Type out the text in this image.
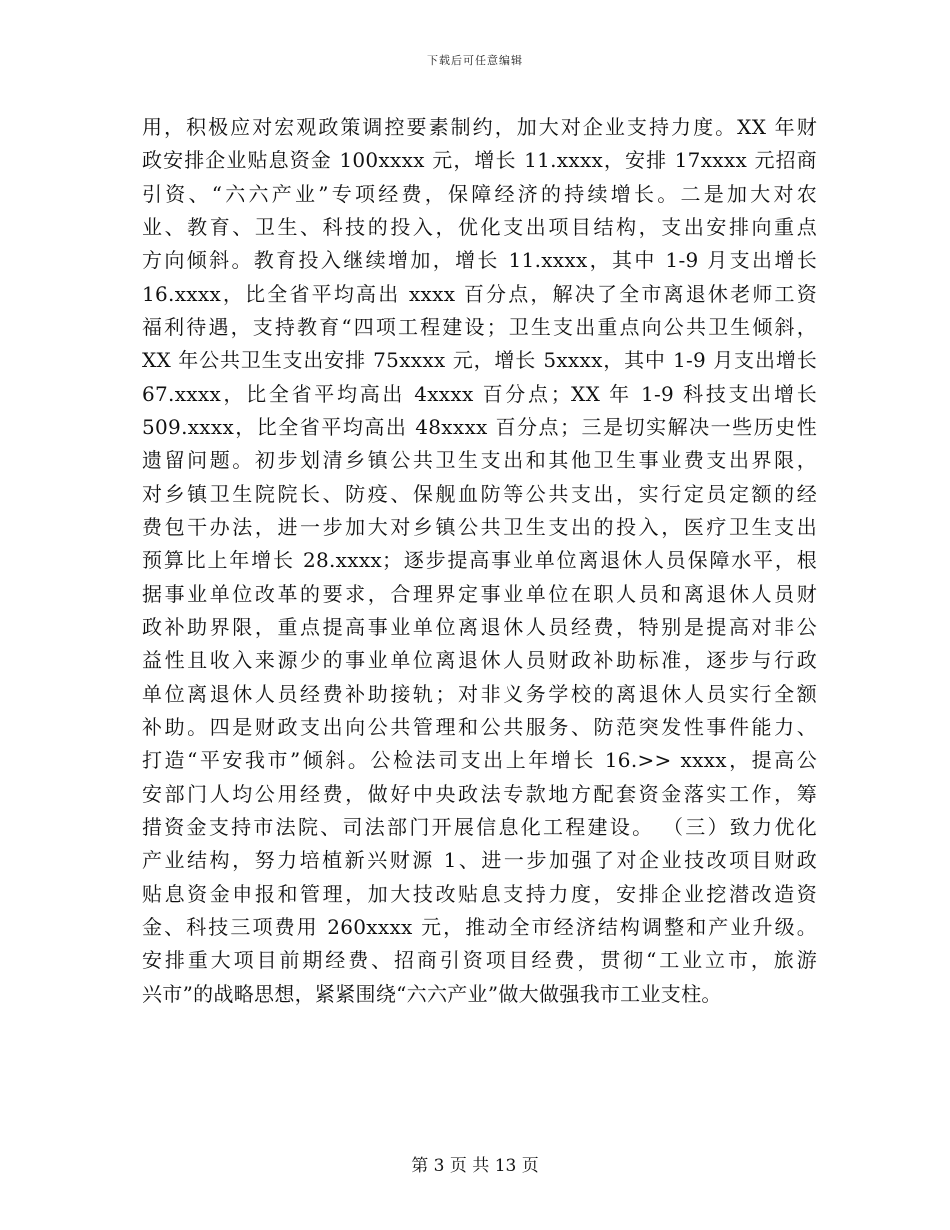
下载后可任意编辑
用，积极应对宏观政策调控要素制约，加大对企业支持力度。XX 年财
政安排企业贴息资金 100xxxx 元，增长 11.xxxx，安排 17xxxx 元招商
引资、“六六产业”专项经费，保障经济的持续增长。二是加大对农
业、教育、卫生、科技的投入，优化支出项目结构，支出安排向重点
方向倾斜。教育投入继续增加，增长 11.xxxx，其中 1-9 月支出增长
16.xxxx，比全省平均高出 xxxx 百分点，解决了全市离退休老师工资
福利待遇，支持教育“四项工程建设；卫生支出重点向公共卫生倾斜，
XX 年公共卫生支出安排 75xxxx 元，增长 5xxxx，其中 1-9 月支出增长
67.xxxx，比全省平均高出 4xxxx 百分点；XX 年 1-9 科技支出增长
509.xxxx，比全省平均高出 48xxxx 百分点；三是切实解决一些历史性
遗留问题。初步划清乡镇公共卫生支出和其他卫生事业费支出界限，
对乡镇卫生院院长、防疫、保舰血防等公共支出，实行定员定额的经
费包干办法，进一步加大对乡镇公共卫生支出的投入，医疗卫生支出
预算比上年增长 28.xxxx；逐步提高事业单位离退休人员保障水平，根
据事业单位改革的要求，合理界定事业单位在职人员和离退休人员财
政补助界限，重点提高事业单位离退休人员经费，特别是提高对非公
益性且收入来源少的事业单位离退休人员财政补助标准，逐步与行政
单位离退休人员经费补助接轨；对非义务学校的离退休人员实行全额
补助。四是财政支出向公共管理和公共服务、防范突发性事件能力、
打造“平安我市”倾斜。公检法司支出上年增长 16.>> xxxx，提高公
安部门人均公用经费，做好中央政法专款地方配套资金落实工作，筹
措资金支持市法院、司法部门开展信息化工程建设。 （三）致力优化
产业结构，努力培植新兴财源 1、进一步加强了对企业技改项目财政
贴息资金申报和管理，加大技改贴息支持力度，安排企业挖潜改造资
金、科技三项费用 260xxxx 元，推动全市经济结构调整和产业升级。
安排重大项目前期经费、招商引资项目经费，贯彻“工业立市，旅游
兴市”的战略思想，紧紧围绕“六六产业”做大做强我市工业支柱。
第 3 页 共 13 页
